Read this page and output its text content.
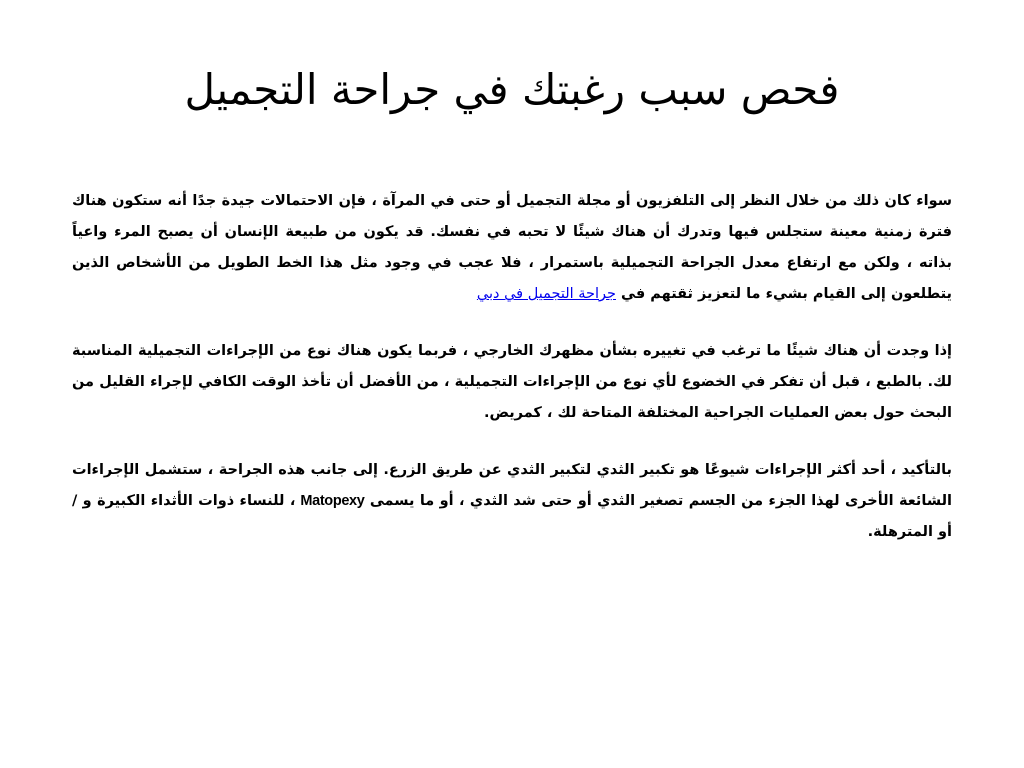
فحص سبب رغبتك في جراحة التجميل

سواء كان ذلك من خلال النظر إلى التلفزيون أو مجلة التجميل أو حتى في المرآة ، فإن الاحتمالات جيدة جدًا أنه ستكون هناك فترة زمنية معينة ستجلس فيها وتدرك أن هناك شيئًا لا تحبه في نفسك. قد يكون من طبيعة الإنسان أن يصبح المرء واعياً بذاته ، ولكن مع ارتفاع معدل الجراحة التجميلية باستمرار ، فلا عجب في وجود مثل هذا الخط الطويل من الأشخاص الذين يتطلعون إلى القيام بشيء ما لتعزيز ثقتهم في جراحة التجميل في دبي

إذا وجدت أن هناك شيئًا ما ترغب في تغييره بشأن مظهرك الخارجي ، فربما يكون هناك نوع من الإجراءات التجميلية المناسبة لك. بالطبع ، قبل أن تفكر في الخضوع لأي نوع من الإجراءات التجميلية ، من الأفضل أن تأخذ الوقت الكافي لإجراء القليل من البحث حول بعض العمليات الجراحية المختلفة المتاحة لك ، كمريض.

بالتأكيد ، أحد أكثر الإجراءات شيوعًا هو تكبير الثدي لتكبير الثدي عن طريق الزرع. إلى جانب هذه الجراحة ، ستشمل الإجراءات الشائعة الأخرى لهذا الجزء من الجسم تصغير الثدي أو حتى شد الثدي ، أو ما يسمى Matopexy ، للنساء ذوات الأثداء الكبيرة و / أو المترهلة.
